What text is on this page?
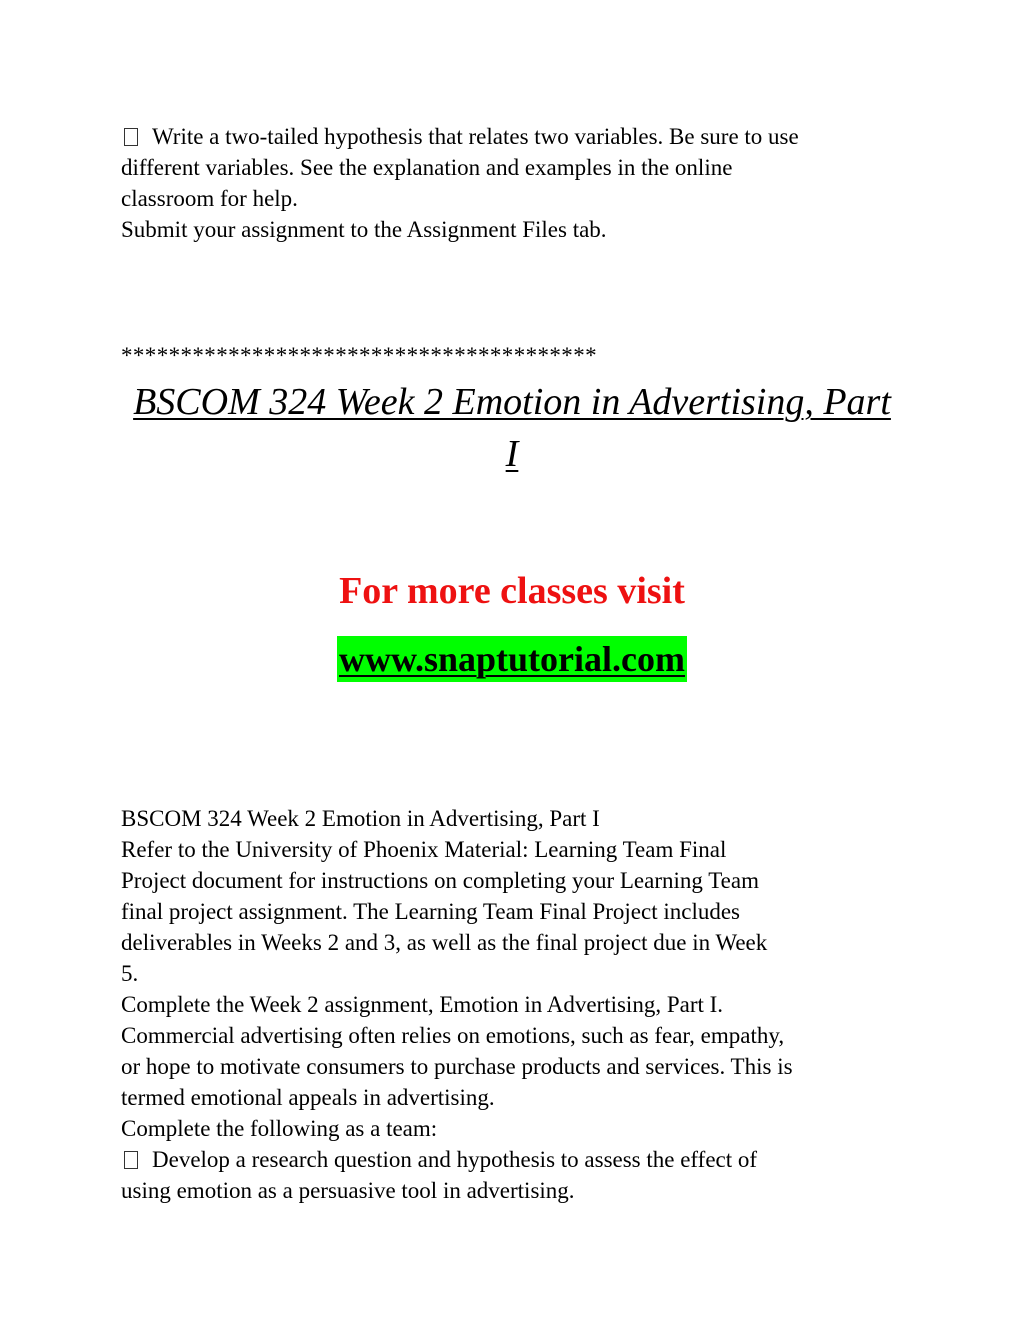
Write a two-tailed hypothesis that relates two variables. Be sure to use
different variables. See the explanation and examples in the online
classroom for help.
Submit your assignment to the Assignment Files tab.
****************************************
BSCOM 324 Week 2 Emotion in Advertising, Part
I
For more classes visit
www.snaptutorial.com
BSCOM 324 Week 2 Emotion in Advertising, Part I
Refer to the University of Phoenix Material: Learning Team Final
Project document for instructions on completing your Learning Team
final project assignment. The Learning Team Final Project includes
deliverables in Weeks 2 and 3, as well as the final project due in Week
5.
Complete the Week 2 assignment, Emotion in Advertising, Part I.
Commercial advertising often relies on emotions, such as fear, empathy,
or hope to motivate consumers to purchase products and services. This is
termed emotional appeals in advertising.
Complete the following as a team:
Develop a research question and hypothesis to assess the effect of
using emotion as a persuasive tool in advertising.
